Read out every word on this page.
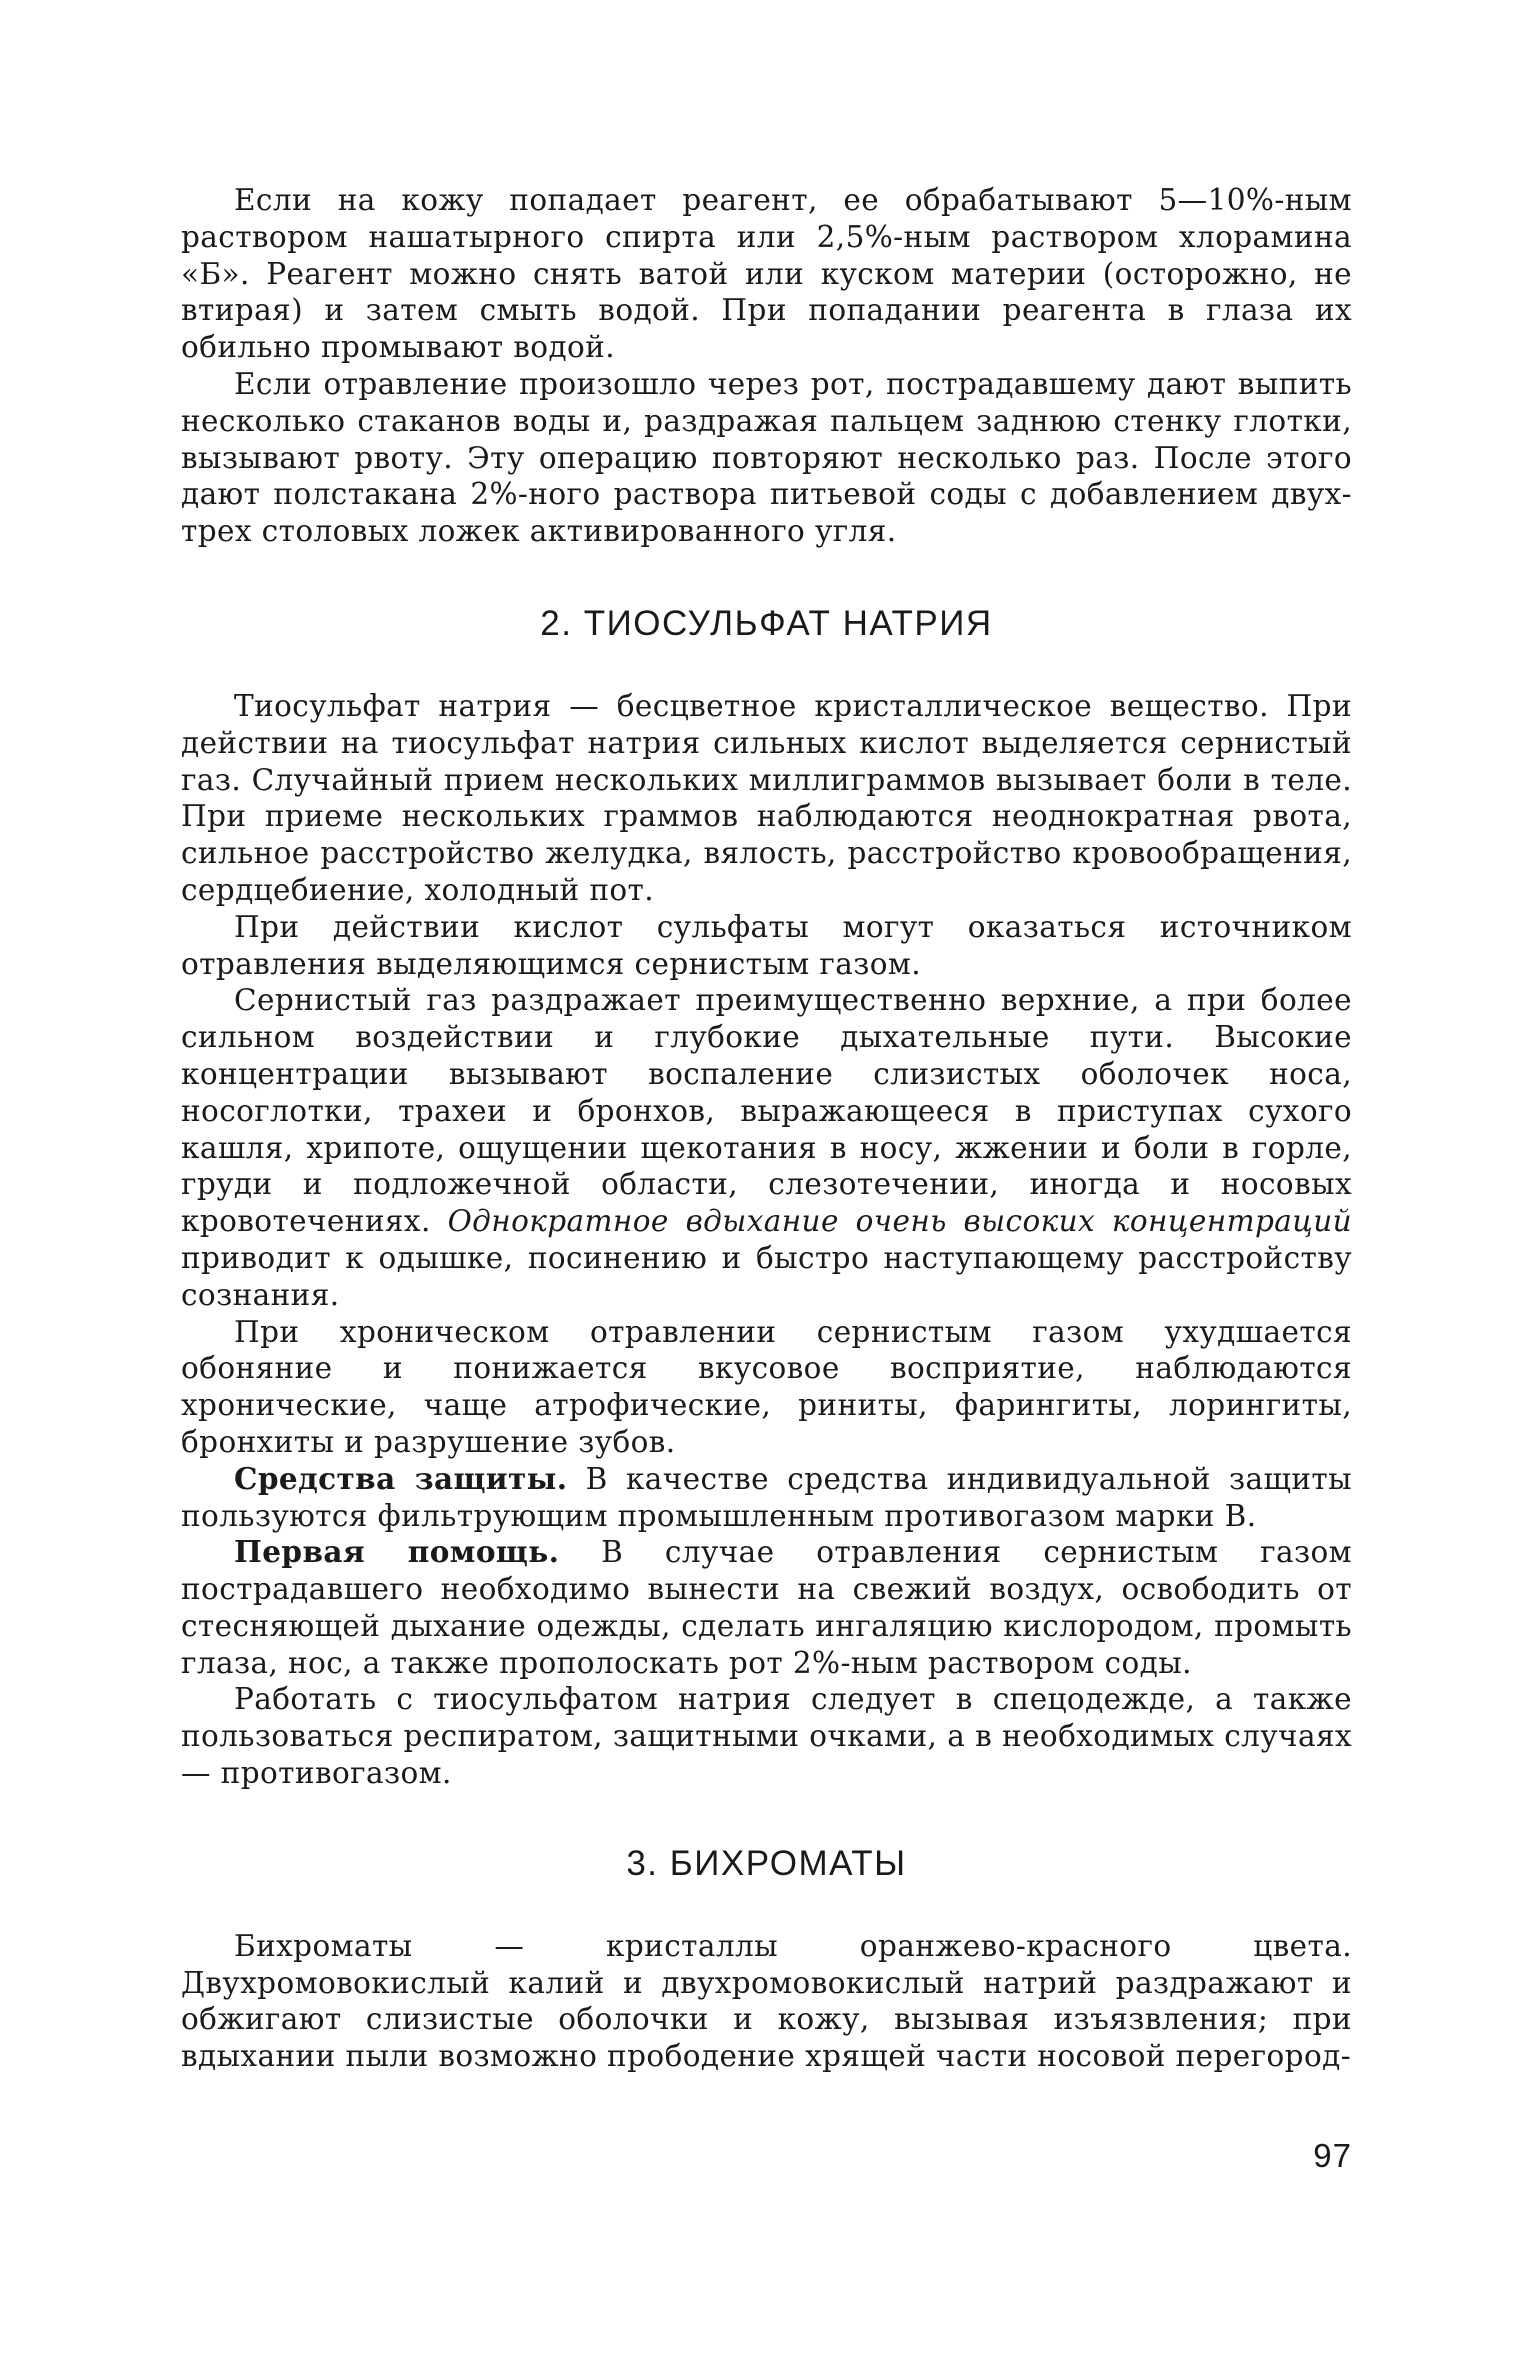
Если на кожу попадает реагент, ее обрабатывают 5—10%-ным раствором нашатырного спирта или 2,5%-ным раствором хлорамина «Б». Реагент можно снять ватой или куском материи (осторожно, не втирая) и затем смыть водой. При попадании реагента в глаза их обильно промывают водой.

Если отравление произошло через рот, пострадавшему дают выпить несколько стаканов воды и, раздражая пальцем заднюю стенку глотки, вызывают рвоту. Эту операцию повторяют несколько раз. После этого дают полстакана 2%-ного раствора питьевой соды с добавлением двух-трех столовых ложек активированного угля.

2. ТИОСУЛЬФАТ НАТРИЯ

Тиосульфат натрия — бесцветное кристаллическое вещество. При действии на тиосульфат натрия сильных кислот выделяется сернистый газ. Случайный прием нескольких миллиграммов вызывает боли в теле. При приеме нескольких граммов наблюдаются неоднократная рвота, сильное расстройство желудка, вялость, расстройство кровообращения, сердцебиение, холодный пот.

При действии кислот сульфаты могут оказаться источником отравления выделяющимся сернистым газом.

Сернистый газ раздражает преимущественно верхние, а при более сильном воздействии и глубокие дыхательные пути. Высокие концентрации вызывают воспаление слизистых оболочек носа, носоглотки, трахеи и бронхов, выражающееся в приступах сухого кашля, хрипоте, ощущении щекотания в носу, жжении и боли в горле, груди и подложечной области, слезотечении, иногда и носовых кровотечениях. Однократное вдыхание очень высоких концентраций приводит к одышке, посинению и быстро наступающему расстройству сознания.

При хроническом отравлении сернистым газом ухудшается обоняние и понижается вкусовое восприятие, наблюдаются хронические, чаще атрофические, риниты, фарингиты, лорингиты, бронхиты и разрушение зубов.

Средства защиты. В качестве средства индивидуальной защиты пользуются фильтрующим промышленным противогазом марки В.

Первая помощь. В случае отравления сернистым газом пострадавшего необходимо вынести на свежий воздух, освободить от стесняющей дыхание одежды, сделать ингаляцию кислородом, промыть глаза, нос, а также прополоскать рот 2%-ным раствором соды.

Работать с тиосульфатом натрия следует в спецодежде, а также пользоваться респиратом, защитными очками, а в необходимых случаях — противогазом.

3. БИХРОМАТЫ

Бихроматы — кристаллы оранжево-красного цвета. Двухромовокислый калий и двухромовокислый натрий раздражают и обжигают слизистые оболочки и кожу, вызывая изъязвления; при вдыхании пыли возможно прободение хрящей части носовой перегород-

97
